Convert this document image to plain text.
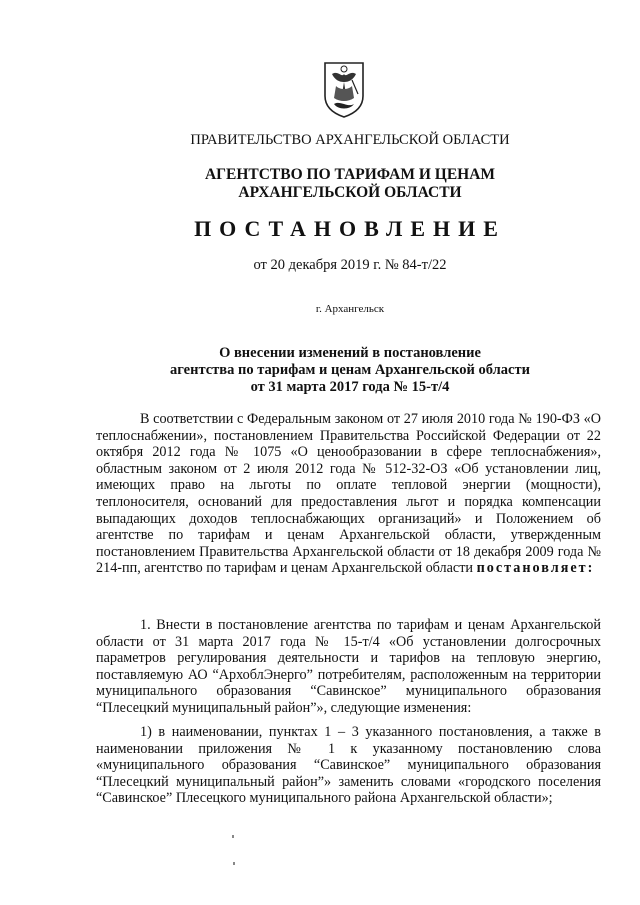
ПРАВИТЕЛЬСТВО АРХАНГЕЛЬСКОЙ ОБЛАСТИ
АГЕНТСТВО ПО ТАРИФАМ И ЦЕНАМ
АРХАНГЕЛЬСКОЙ ОБЛАСТИ
ПОСТАНОВЛЕНИЕ
от 20 декабря 2019 г. № 84-т/22
г. Архангельск
О внесении изменений в постановление
агентства по тарифам и ценам Архангельской области
от 31 марта 2017 года № 15-т/4

В соответствии с Федеральным законом от 27 июля 2010 года № 190-ФЗ «О теплоснабжении», постановлением Правительства Российской Федерации от 22 октября 2012 года № 1075 «О ценообразовании в сфере теплоснабжения», областным законом от 2 июля 2012 года № 512-32-ОЗ «Об установлении лиц, имеющих право на льготы по оплате тепловой энергии (мощности), теплоносителя, оснований для предоставления льгот и порядка компенсации выпадающих доходов теплоснабжающих организаций» и Положением об агентстве по тарифам и ценам Архангельской области, утвержденным постановлением Правительства Архангельской области от 18 декабря 2009 года № 214-пп, агентство по тарифам и ценам Архангельской области постановляет:

1. Внести в постановление агентства по тарифам и ценам Архангельской области от 31 марта 2017 года № 15-т/4 «Об установлении долгосрочных параметров регулирования деятельности и тарифов на тепловую энергию, поставляемую АО “АрхоблЭнерго” потребителям, расположенным на территории муниципального образования “Савинское” муниципального образования “Плесецкий муниципальный район”», следующие изменения:

1) в наименовании, пунктах 1 – 3 указанного постановления, а также в наименовании приложения № 1 к указанному постановлению слова «муниципального образования “Савинское” муниципального образования “Плесецкий муниципальный район”» заменить словами «городского поселения “Савинское” Плесецкого муниципального района Архангельской области»;
